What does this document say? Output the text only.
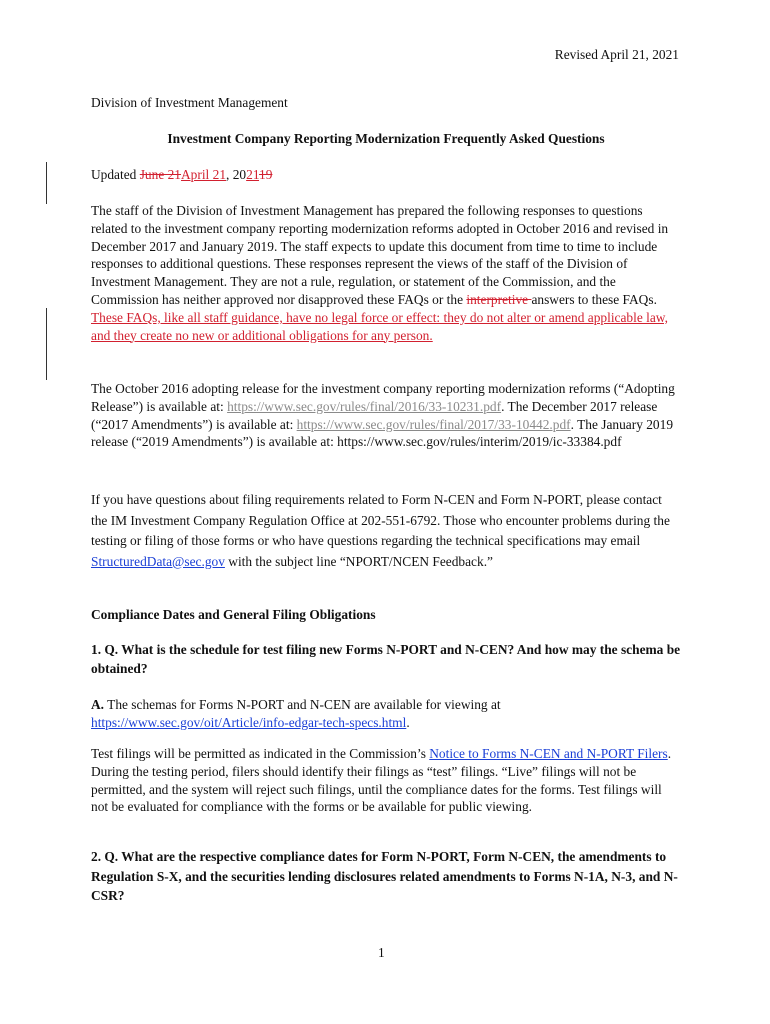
Revised April 21, 2021
Division of Investment Management
Investment Company Reporting Modernization Frequently Asked Questions
Updated June 21April 21, 202119
The staff of the Division of Investment Management has prepared the following responses to questions related to the investment company reporting modernization reforms adopted in October 2016 and revised in December 2017 and January 2019. The staff expects to update this document from time to time to include responses to additional questions. These responses represent the views of the staff of the Division of Investment Management. They are not a rule, regulation, or statement of the Commission, and the Commission has neither approved nor disapproved these FAQs or the interpretive answers to these FAQs. These FAQs, like all staff guidance, have no legal force or effect: they do not alter or amend applicable law, and they create no new or additional obligations for any person.
The October 2016 adopting release for the investment company reporting modernization reforms (“Adopting Release”) is available at: https://www.sec.gov/rules/final/2016/33-10231.pdf. The December 2017 release (“2017 Amendments”) is available at: https://www.sec.gov/rules/final/2017/33-10442.pdf. The January 2019 release (“2019 Amendments”) is available at: https://www.sec.gov/rules/interim/2019/ic-33384.pdf
If you have questions about filing requirements related to Form N-CEN and Form N-PORT, please contact the IM Investment Company Regulation Office at 202-551-6792. Those who encounter problems during the testing or filing of those forms or who have questions regarding the technical specifications may email StructuredData@sec.gov with the subject line “NPORT/NCEN Feedback.”
Compliance Dates and General Filing Obligations
1. Q. What is the schedule for test filing new Forms N-PORT and N-CEN? And how may the schema be obtained?
A. The schemas for Forms N-PORT and N-CEN are available for viewing at https://www.sec.gov/oit/Article/info-edgar-tech-specs.html.
Test filings will be permitted as indicated in the Commission’s Notice to Forms N-CEN and N-PORT Filers. During the testing period, filers should identify their filings as “test” filings. “Live” filings will not be permitted, and the system will reject such filings, until the compliance dates for the forms. Test filings will not be evaluated for compliance with the forms or be available for public viewing.
2. Q. What are the respective compliance dates for Form N-PORT, Form N-CEN, the amendments to Regulation S-X, and the securities lending disclosures related amendments to Forms N-1A, N-3, and N-CSR?
1
